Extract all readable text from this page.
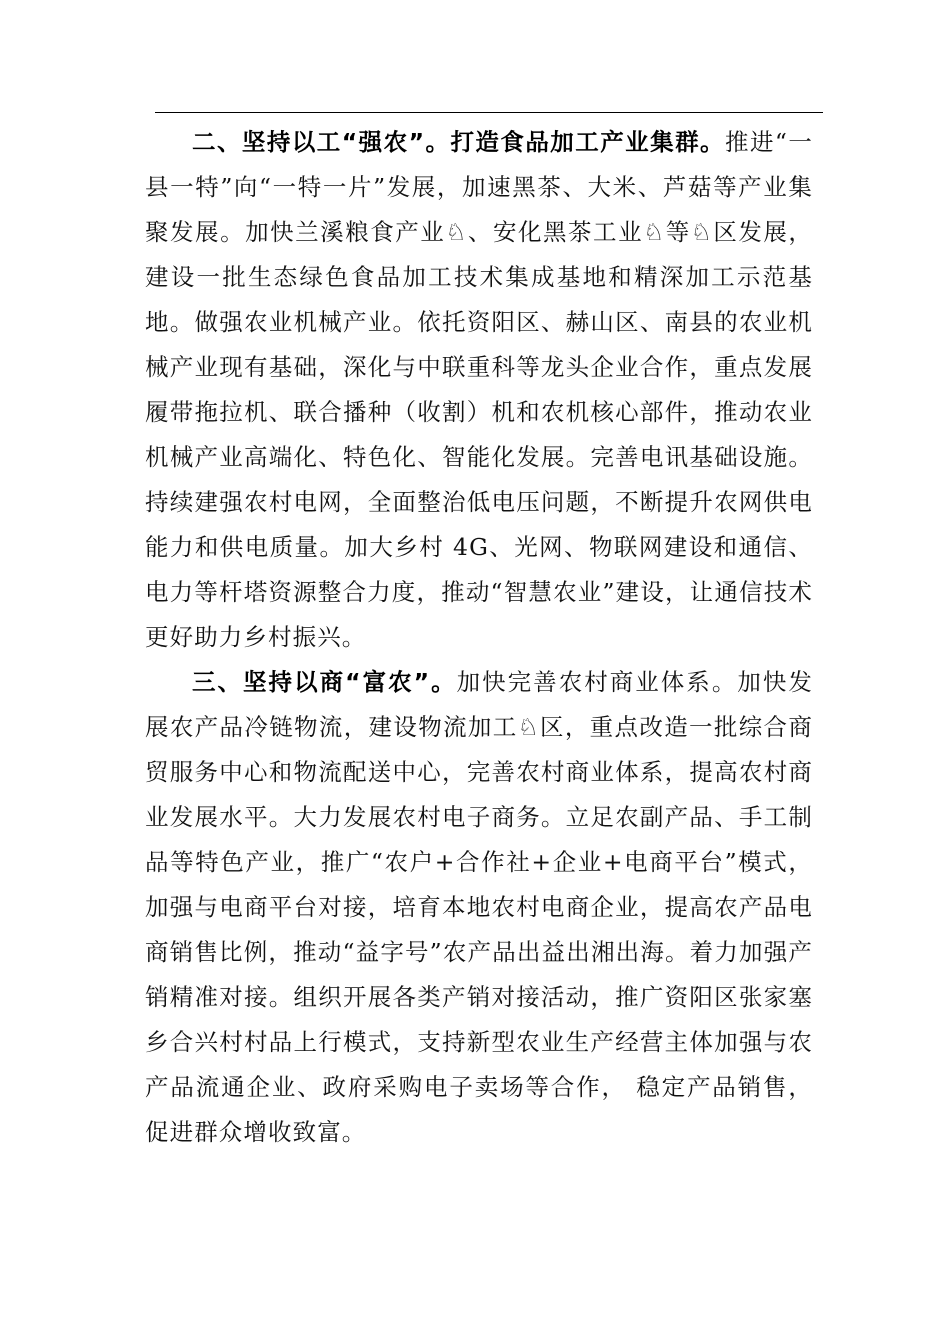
二、坚持以工“强农”。打造食品加工产业集群。推进“一县一特”向“一特一片”发展，加速黑茶、大米、芦菇等产业集聚发展。加快兰溪粮食产业♘、安化黑茶工业♘等♘区发展，建设一批生态绿色食品加工技术集成基地和精深加工示范基地。做强农业机械产业。依托资阳区、赫山区、南县的农业机械产业现有基础，深化与中联重科等龙头企业合作，重点发展履带拖拉机、联合播种（收割）机和农机核心部件，推动农业机械产业高端化、特色化、智能化发展。完善电讯基础设施。持续建强农村电网，全面整治低电压问题，不断提升农网供电能力和供电质量。加大乡村 4G、光网、物联网建设和通信、电力等杆塔资源整合力度，推动“智慧农业”建设，让通信技术更好助力乡村振兴。

三、坚持以商“富农”。加快完善农村商业体系。加快发展农产品冷链物流，建设物流加工♘区，重点改造一批综合商贸服务中心和物流配送中心，完善农村商业体系，提高农村商业发展水平。大力发展农村电子商务。立足农副产品、手工制品等特色产业，推广“农户+合作社+企业+电商平台”模式，加强与电商平台对接，培育本地农村电商企业，提高农产品电商销售比例，推动“益字号”农产品出益出湘出海。着力加强产销精准对接。组织开展各类产销对接活动，推广资阳区张家塞乡合兴村村品上行模式，支持新型农业生产经营主体加强与农产品流通企业、政府采购电子卖场等合作， 稳定产品销售，促进群众增收致富。
